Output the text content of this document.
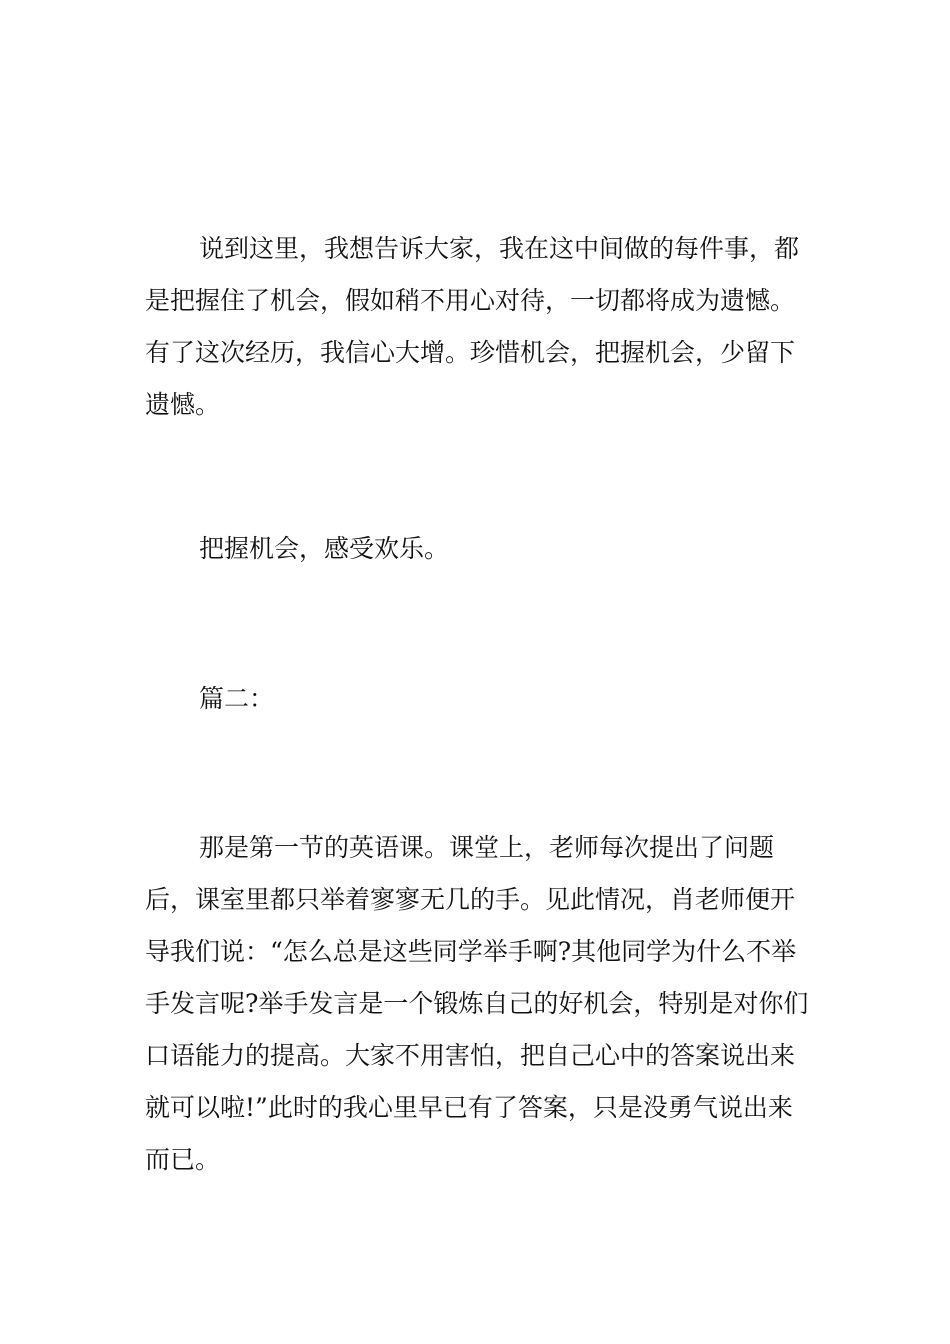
说到这里，我想告诉大家，我在这中间做的每件事，都是把握住了机会，假如稍不用心对待，一切都将成为遗憾。有了这次经历，我信心大增。珍惜机会，把握机会，少留下遗憾。

把握机会，感受欢乐。

篇二：

那是第一节的英语课。课堂上，老师每次提出了问题后，课室里都只举着寥寥无几的手。见此情况，肖老师便开导我们说：“怎么总是这些同学举手啊?其他同学为什么不举手发言呢?举手发言是一个锻炼自己的好机会，特别是对你们口语能力的提高。大家不用害怕，把自己心中的答案说出来就可以啦!”此时的我心里早已有了答案，只是没勇气说出来而已。
